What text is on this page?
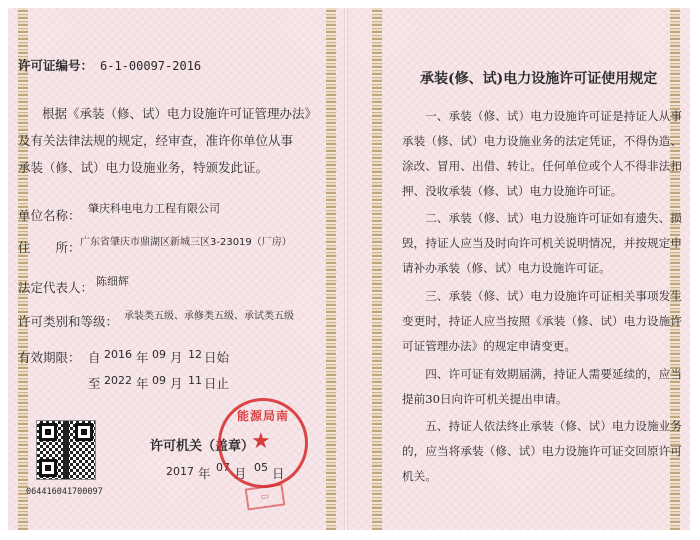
许可证编号： 6-1-00097-2016
根据《承装（修、试）电力设施许可证管理办法》
及有关法律法规的规定，经审查，准许你单位从事
承装（修、试）电力设施业务，特颁发此证。
单位名称： 肇庆科电电力工程有限公司
住　　所： 广东省肇庆市鼎湖区新城三区3-23019（厂房）
法定代表人： 陈细辉
许可类别和等级： 承装类五级、承修类五级、承试类五级
有效期限： 自 2016 年 09 月 12 日始
至 2022 年 09 月 11 日止
064416041700097
许可机关（盖章）
2017 年 07 月 05 日
能源局南
★
▭
承装(修、试)电力设施许可证使用规定

一、承装（修、试）电力设施许可证是持证人从事承装（修、试）电力设施业务的法定凭证，不得伪造、涂改、冒用、出借、转让。任何单位或个人不得非法扣押、没收承装（修、试）电力设施许可证。

二、承装（修、试）电力设施许可证如有遗失、损毁，持证人应当及时向许可机关说明情况，并按规定申请补办承装（修、试）电力设施许可证。

三、承装（修、试）电力设施许可证相关事项发生变更时，持证人应当按照《承装（修、试）电力设施许可证管理办法》的规定申请变更。

四、许可证有效期届满，持证人需要延续的，应当提前30日向许可机关提出申请。

五、持证人依法终止承装（修、试）电力设施业务的，应当将承装（修、试）电力设施许可证交回原许可机关。
